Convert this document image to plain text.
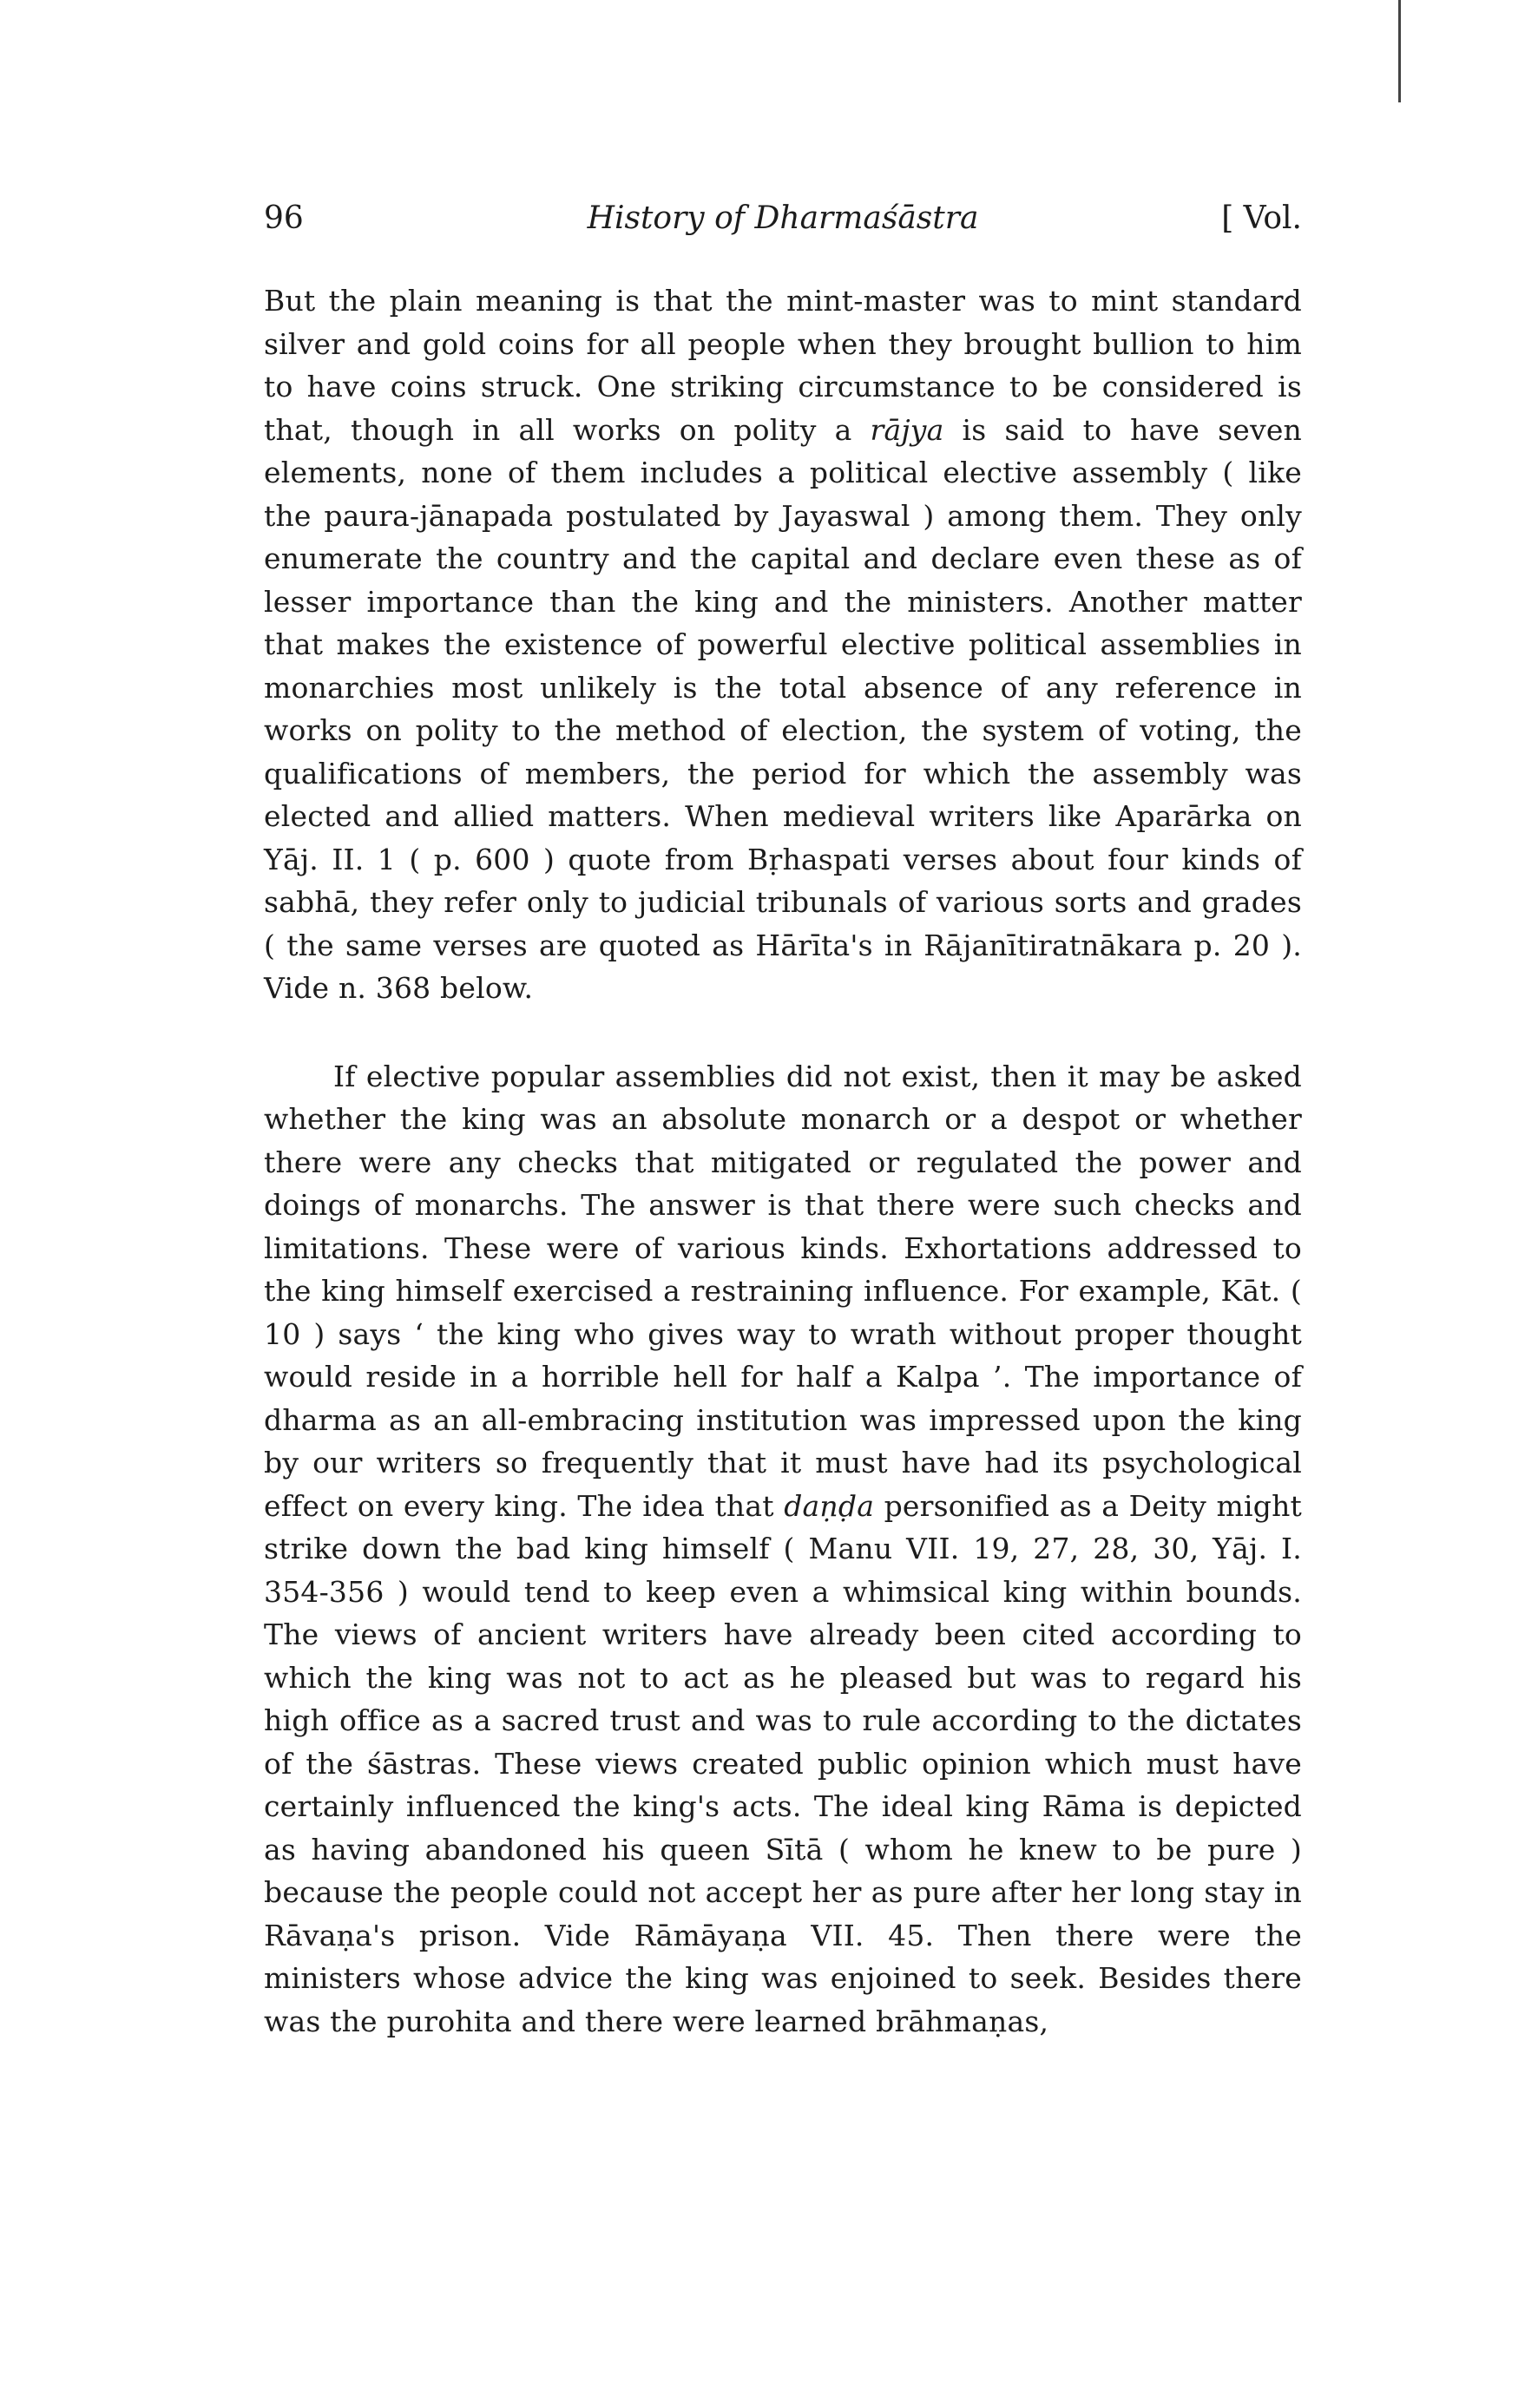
96	History of Dharmaśāstra	[ Vol.

But the plain meaning is that the mint-master was to mint standard silver and gold coins for all people when they brought bullion to him to have coins struck. One striking circumstance to be considered is that, though in all works on polity a rājya is said to have seven elements, none of them includes a political elective assembly ( like the paura-jānapada postulated by Jayaswal ) among them. They only enumerate the country and the capital and declare even these as of lesser importance than the king and the ministers. Another matter that makes the existence of powerful elective political assemblies in monarchies most unlikely is the total absence of any reference in works on polity to the method of election, the system of voting, the qualifications of members, the period for which the assembly was elected and allied matters. When medieval writers like Aparārka on Yāj. II. 1 ( p. 600 ) quote from Bṛhaspati verses about four kinds of sabhā, they refer only to judicial tribunals of various sorts and grades ( the same verses are quoted as Hārīta's in Rājanītiratnākara p. 20 ). Vide n. 368 below.

If elective popular assemblies did not exist, then it may be asked whether the king was an absolute monarch or a despot or whether there were any checks that mitigated or regulated the power and doings of monarchs. The answer is that there were such checks and limitations. These were of various kinds. Exhortations addressed to the king himself exercised a restraining influence. For example, Kāt. ( 10 ) says ‘ the king who gives way to wrath without proper thought would reside in a horrible hell for half a Kalpa ’. The importance of dharma as an all-embracing institution was impressed upon the king by our writers so frequently that it must have had its psychological effect on every king. The idea that daṇḍa personified as a Deity might strike down the bad king himself ( Manu VII. 19, 27, 28, 30, Yāj. I. 354-356 ) would tend to keep even a whimsical king within bounds. The views of ancient writers have already been cited according to which the king was not to act as he pleased but was to regard his high office as a sacred trust and was to rule according to the dictates of the śāstras. These views created public opinion which must have certainly influenced the king's acts. The ideal king Rāma is depicted as having abandoned his queen Sītā ( whom he knew to be pure ) because the people could not accept her as pure after her long stay in Rāvaṇa's prison. Vide Rāmāyaṇa VII. 45. Then there were the ministers whose advice the king was enjoined to seek. Besides there was the purohita and there were learned brāhmaṇas,
